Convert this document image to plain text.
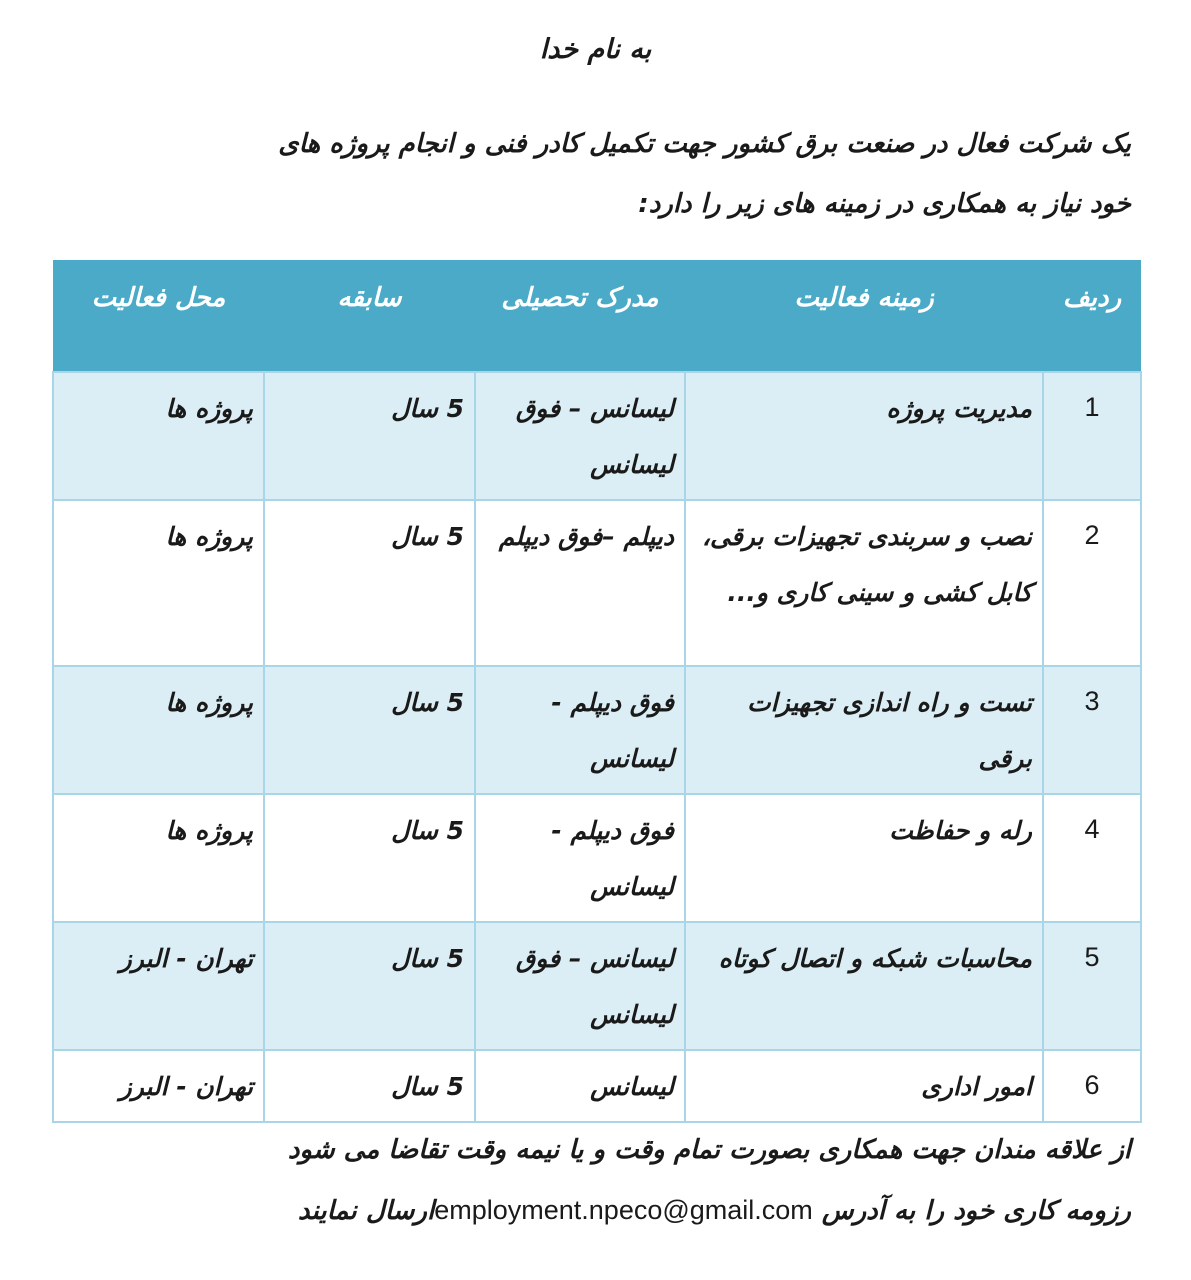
به نام خدا
یک شرکت فعال در صنعت برق کشور جهت تکمیل کادر فنی و انجام پروژه های
خود نیاز به همکاری در زمینه های زیر را دارد:
ردیف	زمینه فعالیت	مدرک تحصیلی	سابقه	محل فعالیت
1	مدیریت پروژه	لیسانس – فوق لیسانس	5 سال	پروژه ها
2	نصب و سربندی تجهیزات برقی، کابل کشی و سینی کاری و...	دیپلم –فوق دیپلم	5 سال	پروژه ها
3	تست و راه اندازی تجهیزات برقی	فوق دیپلم - لیسانس	5 سال	پروژه ها
4	رله و حفاظت	فوق دیپلم - لیسانس	5 سال	پروژه ها
5	محاسبات شبکه و اتصال کوتاه	لیسانس – فوق لیسانس	5 سال	تهران - البرز
6	امور اداری	لیسانس	5 سال	تهران - البرز
از علاقه مندان جهت همکاری بصورت تمام وقت و یا نیمه وقت تقاضا می شود
رزومه کاری خود را به آدرس employment.npeco@gmail.comارسال نمایند
